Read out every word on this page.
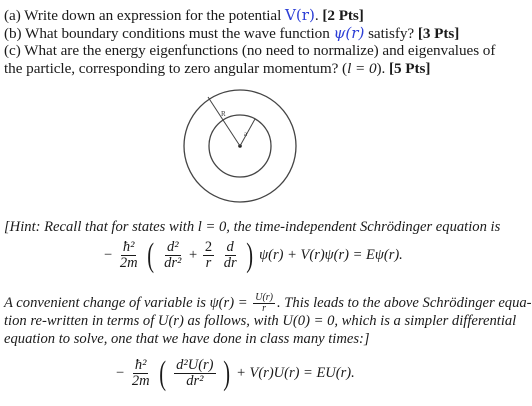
(a) Write down an expression for the potential V(r). [2 Pts]
(b) What boundary conditions must the wave function ψ(r) satisfy? [3 Pts]
(c) What are the energy eigenfunctions (no need to normalize) and eigenvalues of
the particle, corresponding to zero angular momentum? (l = 0). [5 Pts]
R
a
[Hint: Recall that for states with l = 0, the time-independent Schrödinger equation is
− $\frac{\text{ħ²}}{2m}$ ( $\frac{\text{d²}}{\text{dr²}} + \frac{2}{r}$
$\frac{d}{dr}$ ) ψ(r) + V(r)ψ(r) = Eψ(r).
A convenient change of variable is $\psi(r) = \frac{U(r)}{r}$ . This leads to the above Schrödinger equa-
tion re-written in terms of U(r) as follows, with U(0) = 0, which is a simpler differential
equation to solve, one that we have done in class many times:]
− $\frac{\text{ħ²}}{2m}$ ( $\frac{\text{d²U(r)}}{\text{dr²}}$ ) + V(r)U(r) = EU(r).
